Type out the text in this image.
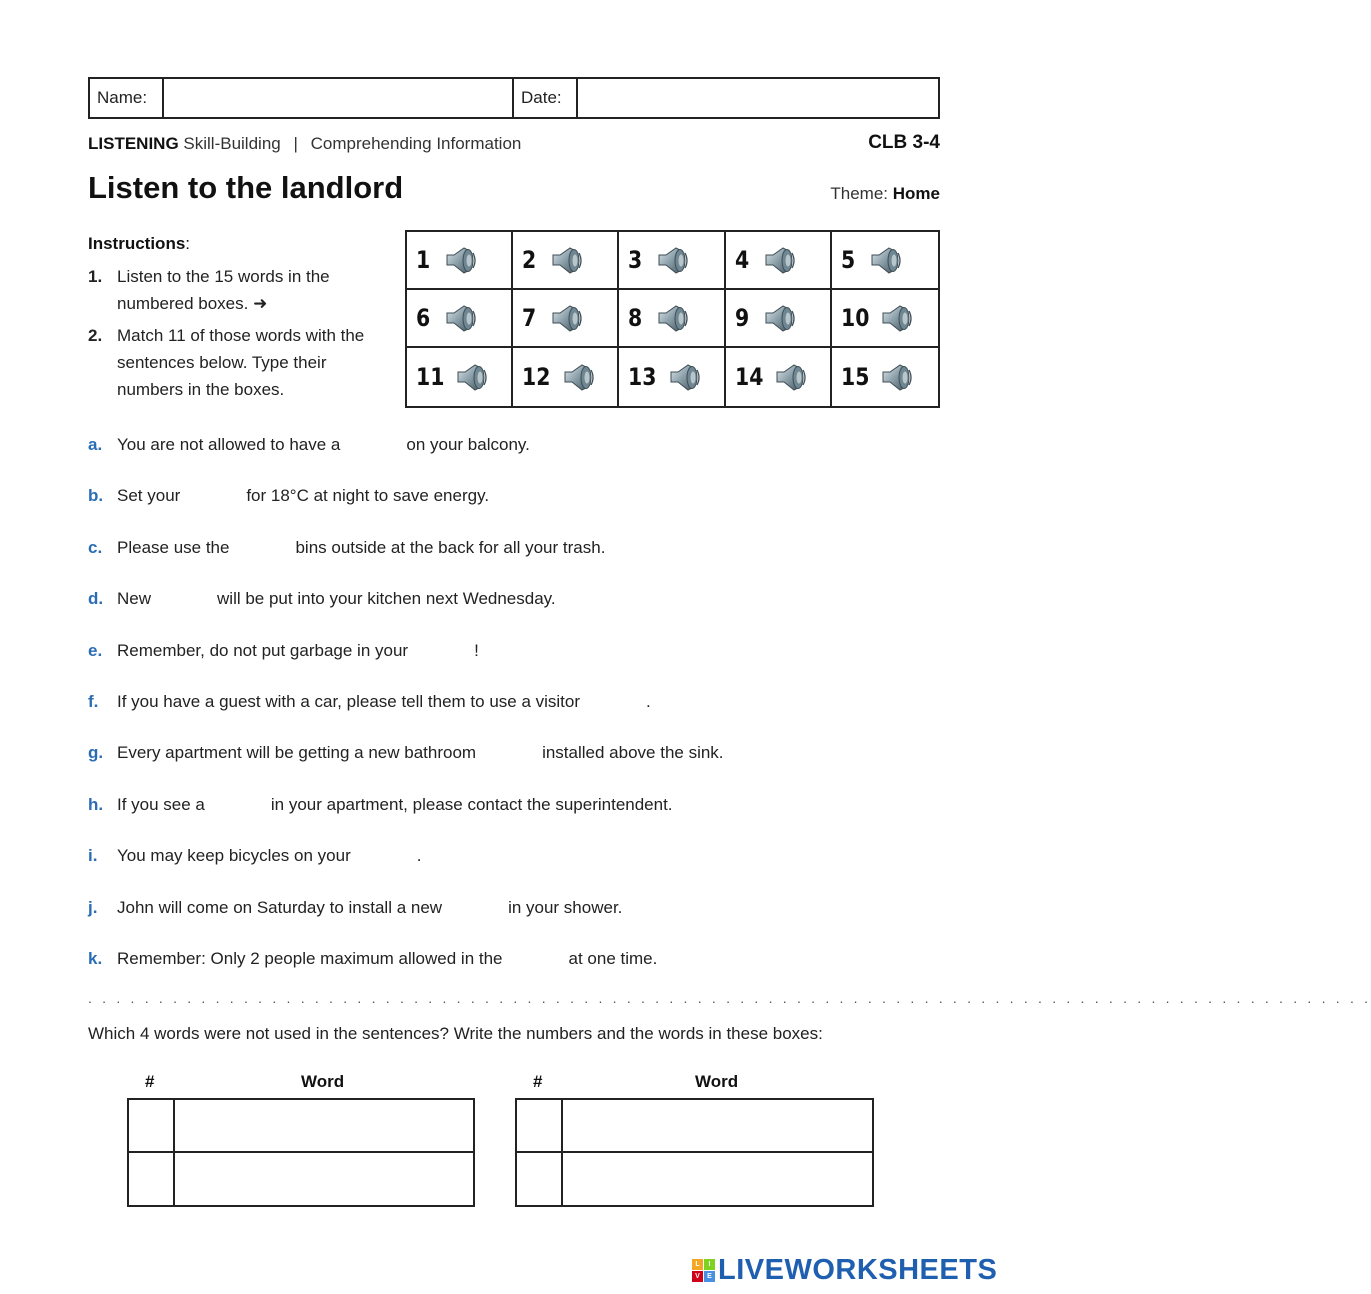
Name:	Date:
LISTENING Skill-Building | Comprehending Information	CLB 3-4
Listen to the landlord	Theme: Home
Instructions:
1. Listen to the 15 words in the numbered boxes. ➜
2. Match 11 of those words with the sentences below. Type their numbers in the boxes.
1	2	3	4	5
6	7	8	9	10
11	12	13	14	15
a. You are not allowed to have a	on your balcony.
b. Set your	for 18°C at night to save energy.
c. Please use the	bins outside at the back for all your trash.
d. New	will be put into your kitchen next Wednesday.
e. Remember, do not put garbage in your	!
f.	If you have a guest with a car, please tell them to use a visitor	.
g. Every apartment will be getting a new bathroom	installed above the sink.
h. If you see a	in your apartment, please contact the superintendent.
i.	You may keep bicycles on your	.
j.	John will come on Saturday to install a new	in your shower.
k. Remember: Only 2 people maximum allowed in the	at one time.
. . . . . . . . . . . . . . . . . . . . . . . . . . . . . . . . . . . . . . . . . . . . . . . . . . . . . . . . . . . . . . . . . . . . . . . . . . . . . . . . . . . . . . . . . . .
Which 4 words were not used in the sentences? Write the numbers and the words in these boxes:
#	Word	#	Word
L	I
V	E LIVEWORKSHEETS
